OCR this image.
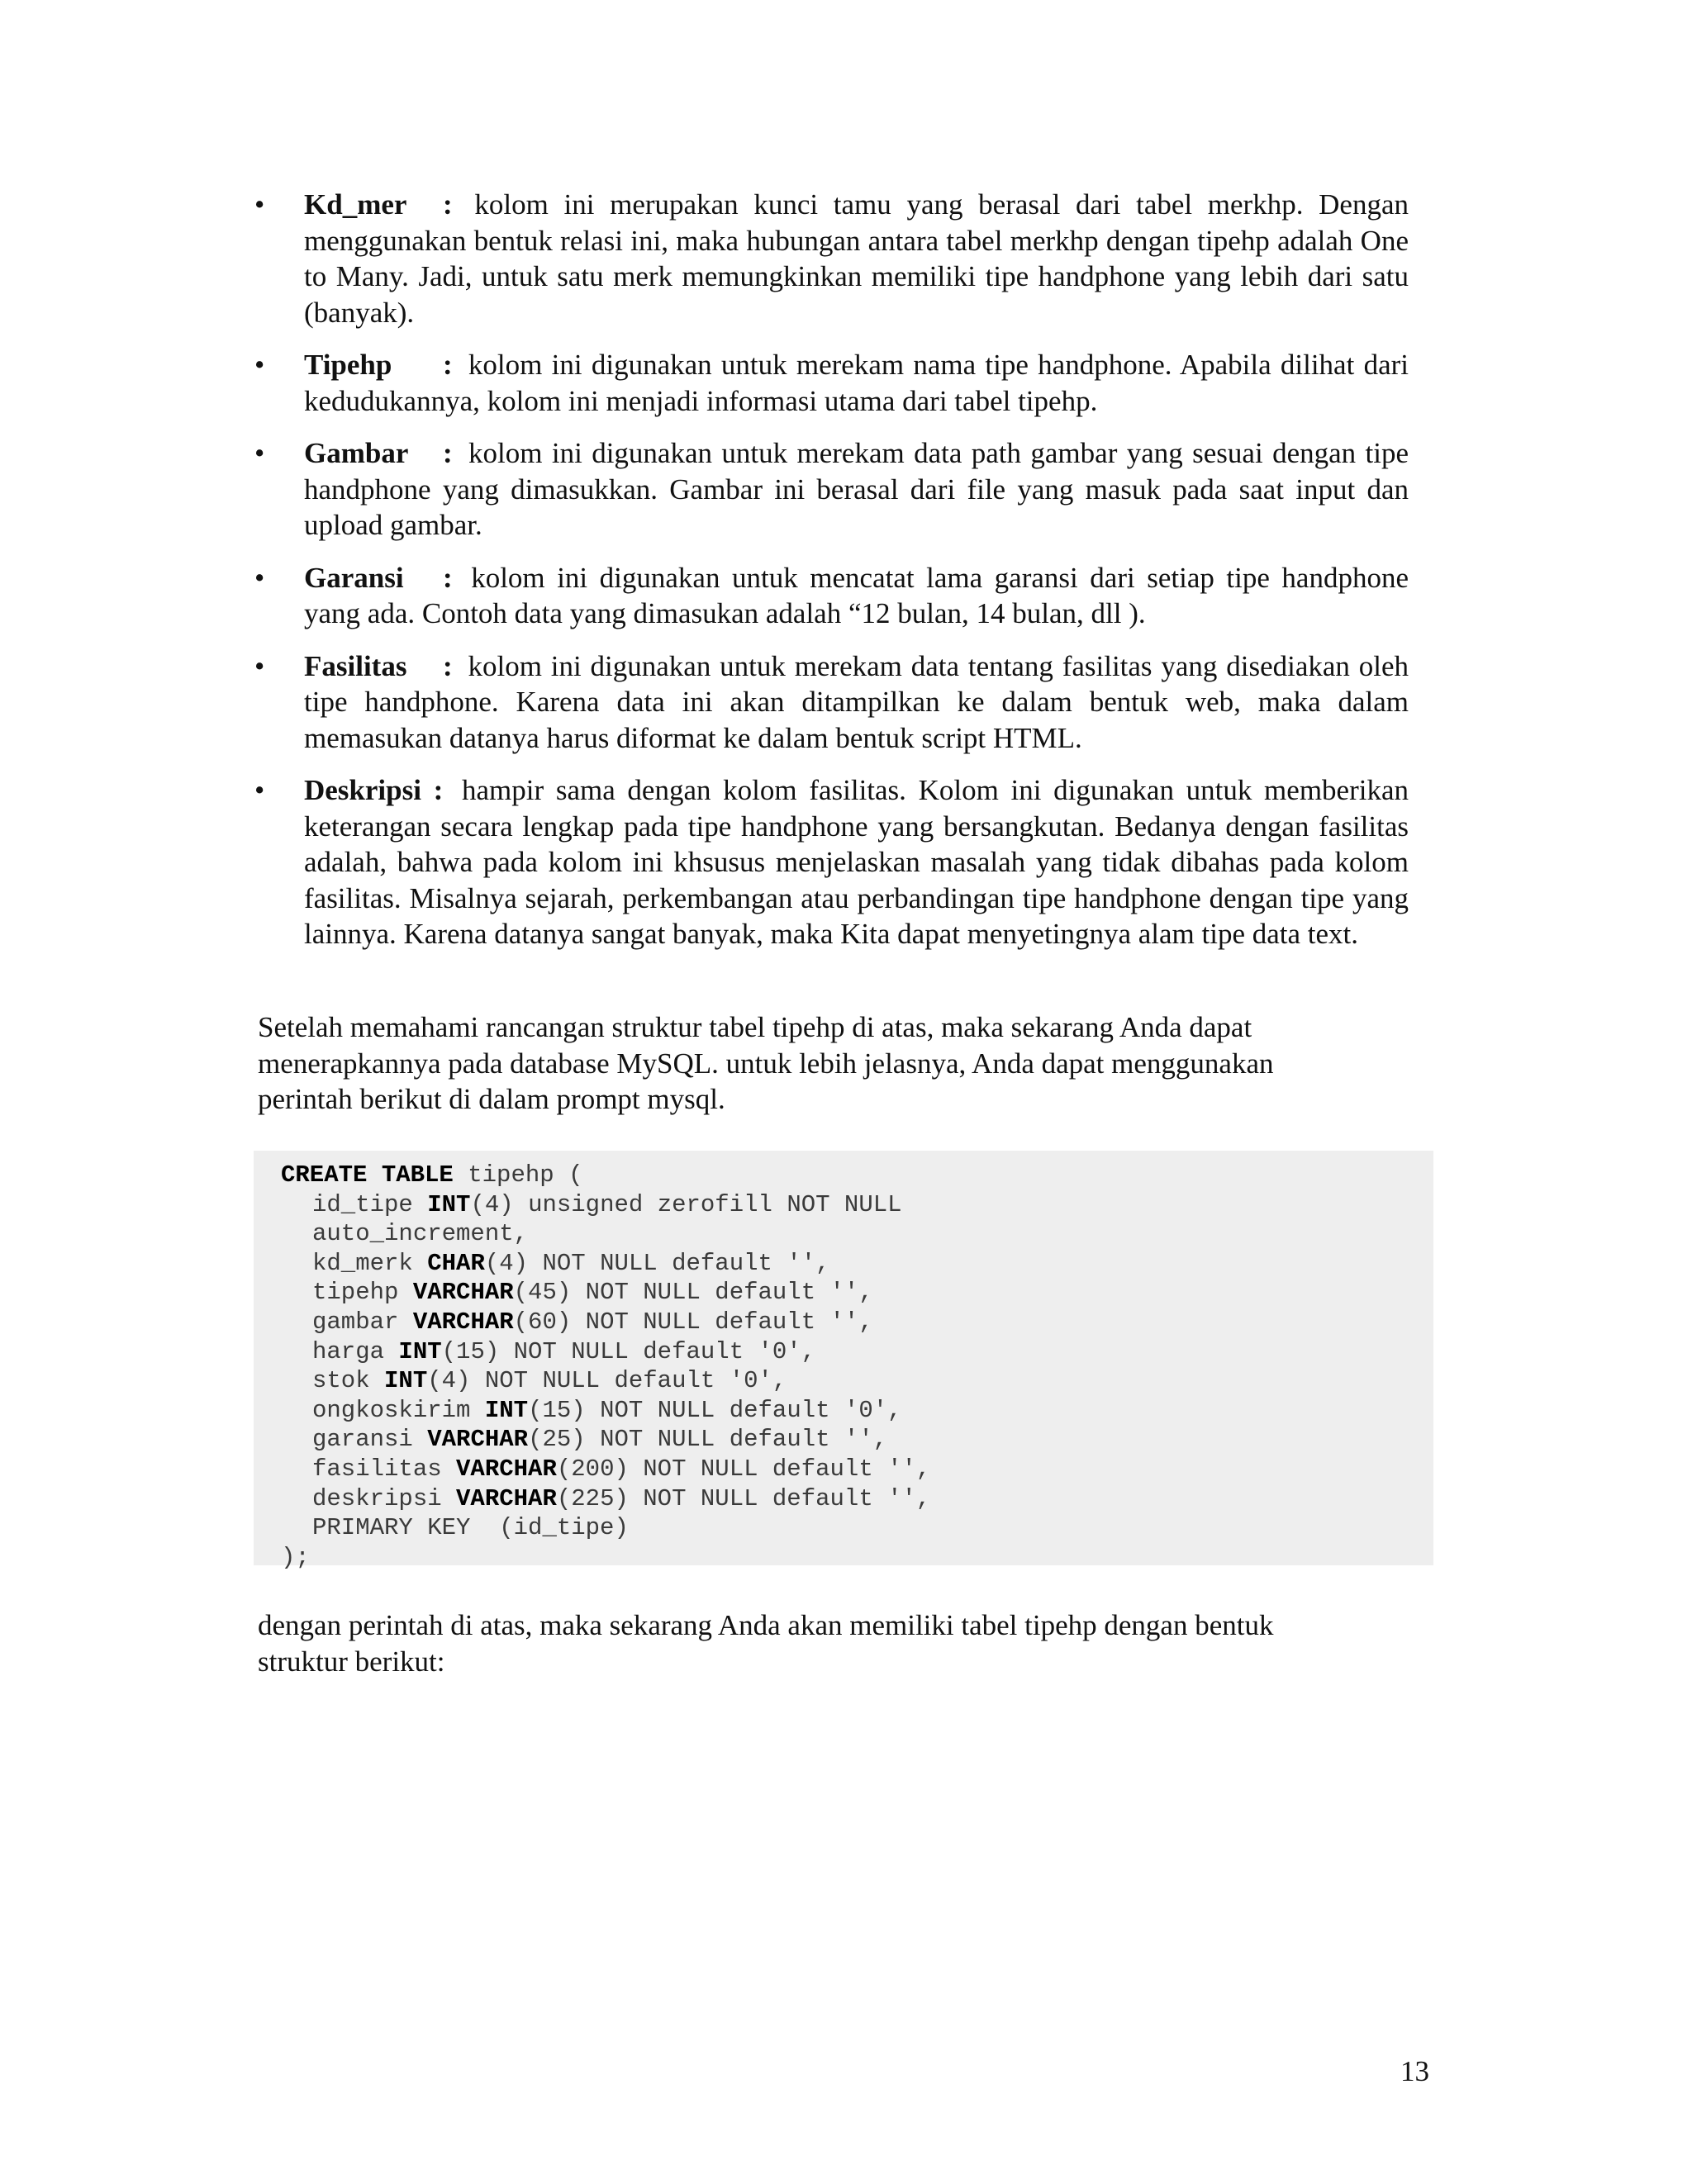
• Kd_mer : kolom ini merupakan kunci tamu yang berasal dari tabel merkhp. Dengan menggunakan bentuk relasi ini, maka hubungan antara tabel merkhp dengan tipehp adalah One to Many. Jadi, untuk satu merk memungkinkan memiliki tipe handphone yang lebih dari satu (banyak).
• Tipehp : kolom ini digunakan untuk merekam nama tipe handphone. Apabila dilihat dari kedudukannya, kolom ini menjadi informasi utama dari tabel tipehp.
• Gambar : kolom ini digunakan untuk merekam data path gambar yang sesuai dengan tipe handphone yang dimasukkan. Gambar ini berasal dari file yang masuk pada saat input dan upload gambar.
• Garansi : kolom ini digunakan untuk mencatat lama garansi dari setiap tipe handphone yang ada. Contoh data yang dimasukan adalah “12 bulan, 14 bulan, dll ).
• Fasilitas : kolom ini digunakan untuk merekam data tentang fasilitas yang disediakan oleh tipe handphone. Karena data ini akan ditampilkan ke dalam bentuk web, maka dalam memasukan datanya harus diformat ke dalam bentuk script HTML.
• Deskripsi : hampir sama dengan kolom fasilitas. Kolom ini digunakan untuk memberikan keterangan secara lengkap pada tipe handphone yang bersangkutan. Bedanya dengan fasilitas adalah, bahwa pada kolom ini khsusus menjelaskan masalah yang tidak dibahas pada kolom fasilitas. Misalnya sejarah, perkembangan atau perbandingan tipe handphone dengan tipe yang lainnya. Karena datanya sangat banyak, maka Kita dapat menyetingnya alam tipe data text.

Setelah memahami rancangan struktur tabel tipehp di atas, maka sekarang Anda dapat
menerapkannya pada database MySQL. untuk lebih jelasnya, Anda dapat menggunakan
perintah berikut di dalam prompt mysql.

CREATE TABLE tipehp (
id_tipe INT(4) unsigned zerofill NOT NULL
auto_increment,
kd_merk CHAR(4) NOT NULL default '',
tipehp VARCHAR(45) NOT NULL default '',
gambar VARCHAR(60) NOT NULL default '',
harga INT(15) NOT NULL default '0',
stok INT(4) NOT NULL default '0',
ongkoskirim INT(15) NOT NULL default '0',
garansi VARCHAR(25) NOT NULL default '',
fasilitas VARCHAR(200) NOT NULL default '',
deskripsi VARCHAR(225) NOT NULL default '',
PRIMARY KEY  (id_tipe)
);

dengan perintah di atas, maka sekarang Anda akan memiliki tabel tipehp dengan bentuk
struktur berikut:

13
